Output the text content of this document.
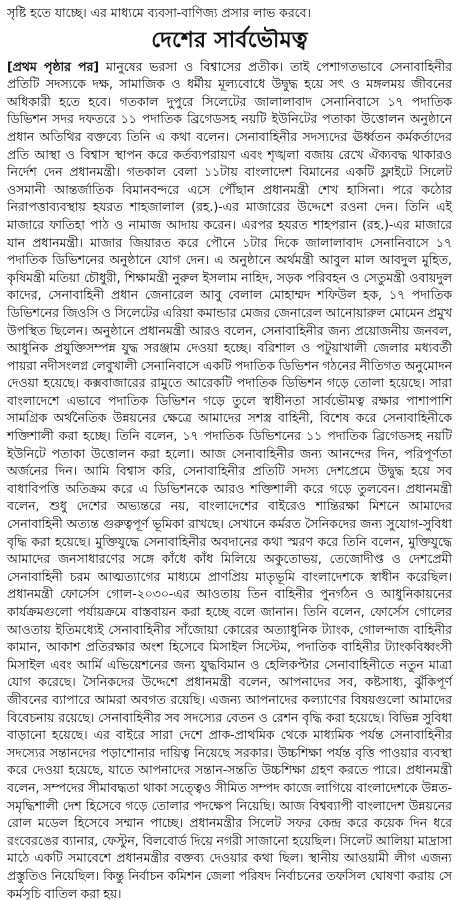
সৃষ্টি হতে যাচ্ছে। এর মাধ্যমে ব্যবসা-বাণিজ্য প্রসার লাভ করবে।

দেশের সার্বভৌমত্ব

[প্রথম পৃষ্ঠার পর] মানুষের ভরসা ও বিশ্বাসের প্রতীক। তাই পেশাগতভাবে সেনাবাহিনীর প্রতিটি সদস্যকে দক্ষ, সামাজিক ও ধর্মীয় মূল্যবোধে উদ্বুদ্ধ হয়ে সৎ ও মঙ্গলময় জীবনের অধিকারী হতে হবে। গতকাল দুপুরে সিলেটের জালালাবাদ সেনানিবাসে ১৭ পদাতিক ডিভিশন সদর দফতরে ১১ পদাতিক ব্রিগেডসহ নয়টি ইউনিটের পতাকা উত্তোলন অনুষ্ঠানে প্রধান অতিথির বক্তব্যে তিনি এ কথা বলেন। সেনাবাহিনীর সদস্যদের ঊর্ধ্বতন কর্মকর্তাদের প্রতি আস্থা ও বিশ্বাস স্থাপন করে কর্তব্যপরায়ণ এবং শৃঙ্খলা বজায় রেখে ঐক্যবদ্ধ থাকারও নির্দেশ দেন প্রধানমন্ত্রী। গতকাল বেলা ১১টায় বাংলাদেশ বিমানের একটি ফ্লাইটে সিলেট ওসমানী আন্তর্জাতিক বিমানবন্দরে এসে পৌঁছান প্রধানমন্ত্রী শেখ হাসিনা। পরে কঠোর নিরাপত্তাব্যবস্থায় হযরত শাহজালাল (রহ.)-এর মাজারের উদ্দেশে রওনা দেন। তিনি এই মাজারে ফাতিহা পাঠ ও নামাজ আদায় করেন। এরপর হযরত শাহপরান (রহ.)-এর মাজারে যান প্রধানমন্ত্রী। মাজার জিয়ারত করে পৌনে ১টার দিকে জালালাবাদ সেনানিবাসে ১৭ পদাতিক ডিভিশনের অনুষ্ঠানে যোগ দেন। এ অনুষ্ঠানে অর্থমন্ত্রী আবুল মাল আবদুল মুহিত, কৃষিমন্ত্রী মতিয়া চৌধুরী, শিক্ষামন্ত্রী নুরুল ইসলাম নাহিদ, সড়ক পরিবহন ও সেতুমন্ত্রী ওবায়দুল কাদের, সেনাবাহিনী প্রধান জেনারেল আবু বেলাল মোহাম্মদ শফিউল হক, ১৭ পদাতিক ডিভিশনের জিওসি ও সিলেটের এরিয়া কমান্ডার মেজর জেনারেল আনোয়ারুল মোমেন প্রমুখ উপস্থিত ছিলেন। অনুষ্ঠানে প্রধানমন্ত্রী আরও বলেন, সেনাবাহিনীর জন্য প্রয়োজনীয় জনবল, আধুনিক প্রযুক্তিসম্পন্ন যুদ্ধ সরঞ্জাম দেওয়া হচ্ছে। বরিশাল ও পটুয়াখালী জেলার মধ্যবর্তী পায়রা নদীসংলগ্ন লেবুখালী সেনানিবাসে একটি পদাতিক ডিভিশন গঠনের নীতিগত অনুমোদন দেওয়া হয়েছে। কক্সবাজারের রামুতে আরেকটি পদাতিক ডিভিশন গড়ে তোলা হয়েছে। সারা বাংলাদেশে এভাবে পদাতিক ডিভিশন গড়ে তুলে স্বাধীনতা সার্বভৌমত্ব রক্ষার পাশাপাশি সামগ্রিক অর্থনৈতিক উন্নয়নের ক্ষেত্রে আমাদের সশস্ত্র বাহিনী, বিশেষ করে সেনাবাহিনীকে শক্তিশালী করা হচ্ছে। তিনি বলেন, ১৭ পদাতিক ডিভিশনের ১১ পদাতিক ব্রিগেডসহ নয়টি ইউনিটে পতাকা উত্তোলন করা হলো। আজ সেনাবাহিনীর জন্য আনন্দের দিন, পরিপূর্ণতা অর্জনের দিন। আমি বিশ্বাস করি, সেনাবাহিনীর প্রতিটি সদস্য দেশপ্রেমে উদ্বুদ্ধ হয়ে সব বাধাবিপত্তি অতিক্রম করে এ ডিভিশনকে আরও শক্তিশালী করে গড়ে তুলবেন। প্রধানমন্ত্রী বলেন, শুধু দেশের অভ্যন্তরে নয়, বাংলাদেশের বাইরেও শান্তিরক্ষা মিশনে আমাদের সেনাবাহিনী অত্যন্ত গুরুত্বপূর্ণ ভূমিকা রাখছে। সেখানে কর্মরত সৈনিকদের জন্য সুযোগ-সুবিধা বৃদ্ধি করা হয়েছে। মুক্তিযুদ্ধে সেনাবাহিনীর অবদানের কথা স্মরণ করে তিনি বলেন, মুক্তিযুদ্ধে আমাদের জনসাধারণের সঙ্গে কাঁধে কাঁধ মিলিয়ে অকুতোভয়, তেজোদীপ্ত ও দেশপ্রেমী সেনাবাহিনী চরম আত্মত্যাগের মাধ্যমে প্রাণপ্রিয় মাতৃভূমি বাংলাদেশকে স্বাধীন করেছিল। প্রধানমন্ত্রী ফোর্সেস গোল-২০৩০-এর আওতায় তিন বাহিনীর পুনর্গঠন ও আধুনিকায়নের কার্যক্রমগুলো পর্যায়ক্রমে বাস্তবায়ন করা হচ্ছে বলে জানান। তিনি বলেন, ফোর্সেস গোলের আওতায় ইতিমধ্যেই সেনাবাহিনীর সাঁজোয়া কোরের অত্যাধুনিক ট্যাংক, গোলন্দাজ বাহিনীর কামান, আকাশ প্রতিরক্ষার অংশ হিসেবে মিসাইল সিস্টেম, পদাতিক বাহিনীর ট্যাংকবিধ্বংসী মিসাইল এবং আর্মি এভিয়েশনের জন্য যুদ্ধবিমান ও হেলিকপ্টার সেনাবাহিনীতে নতুন মাত্রা যোগ করেছে। সৈনিকদের উদ্দেশে প্রধানমন্ত্রী বলেন, আপনাদের সব, কষ্টসাধ্য, ঝুঁকিপূর্ণ জীবনের ব্যাপারে আমরা অবগত রয়েছি। এজন্য আপনাদের কল্যাণের বিষয়গুলো আমাদের বিবেচনায় রয়েছে। সেনাবাহিনীর সব সদস্যের বেতন ও রেশন বৃদ্ধি করা হয়েছে। বিভিন্ন সুবিধা বাড়ানো হয়েছে। এর বাইরে সারা দেশে প্রাক-প্রাথমিক থেকে মাধ্যমিক পর্যন্ত সেনাবাহিনীর সদস্যের সন্তানদের পড়াশোনার দায়িত্ব নিয়েছে সরকার। উচ্চশিক্ষা পর্যন্ত বৃত্তি পাওয়ার ব্যবস্থা করে দেওয়া হয়েছে, যাতে আপনাদের সন্তান-সন্ততি উচ্চশিক্ষা গ্রহণ করতে পারে। প্রধানমন্ত্রী বলেন, সম্পদের সীমাবদ্ধতা থাকা সত্ত্বেও সীমিত সম্পদ কাজে লাগিয়ে বাংলাদেশকে উন্নত-সমৃদ্ধিশালী দেশ হিসেবে গড়ে তোলার পদক্ষেপ নিয়েছি। আজ বিশ্বব্যাপী বাংলাদেশ উন্নয়নের রোল মডেল হিসেবে সম্মান পাচ্ছে। প্রধানমন্ত্রীর সিলেট সফর কেন্দ্র করে কয়েক দিন ধরে রংবেরঙের ব্যানার, ফেস্টুন, বিলবোর্ড দিয়ে নগরী সাজানো হয়েছিল। সিলেট আলিয়া মাদ্রাসা মাঠে একটি সমাবেশে প্রধানমন্ত্রীর বক্তব্য দেওয়ার কথা ছিল। স্থানীয় আওয়ামী লীগ এজন্য প্রস্তুতিও নিয়েছিল। কিন্তু নির্বাচন কমিশন জেলা পরিষদ নির্বাচনের তফসিল ঘোষণা করায় সে কর্মসূচি বাতিল করা হয়।
